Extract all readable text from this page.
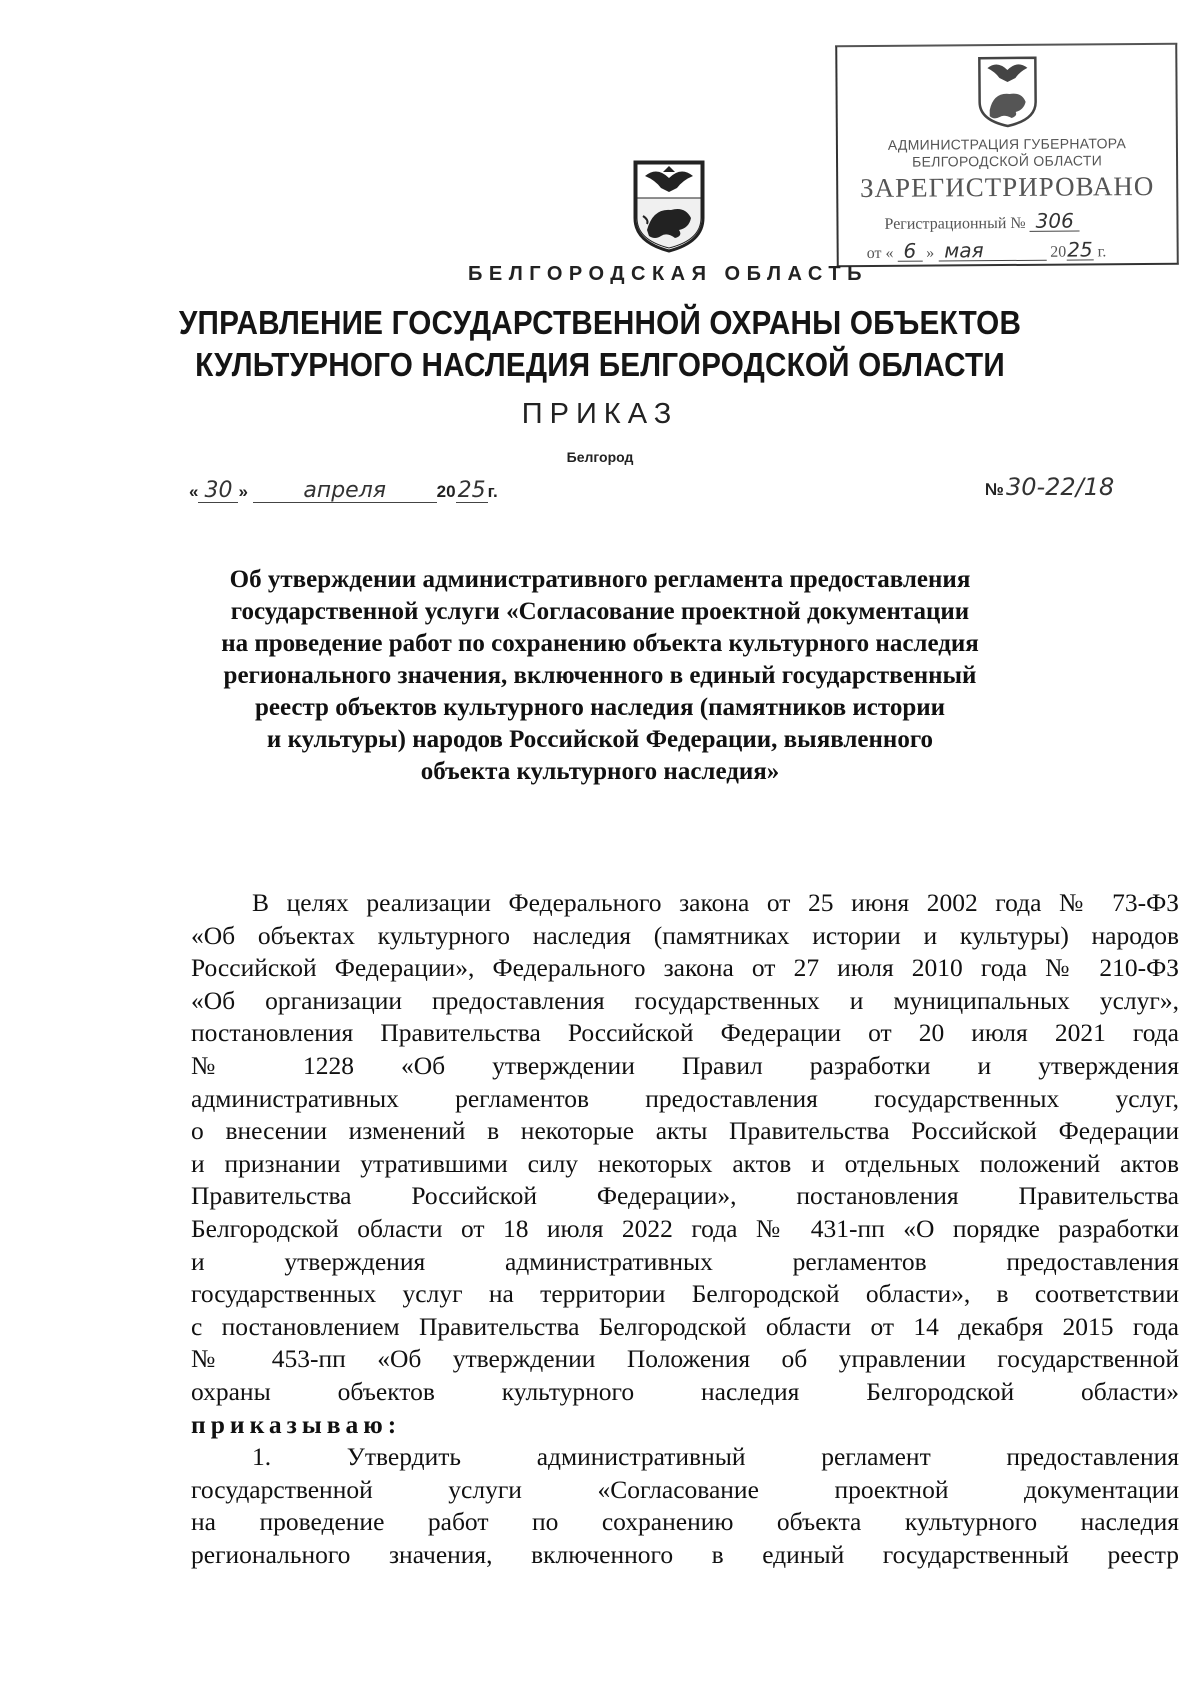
АДМИНИСТРАЦИЯ ГУБЕРНАТОРА
БЕЛГОРОДСКОЙ ОБЛАСТИ
ЗАРЕГИСТРИРОВАНО
Регистрационный № 306
от « 6 » мая	2025 г.
БЕЛГОРОДСКАЯ ОБЛАСТЬ
УПРАВЛЕНИЕ ГОСУДАРСТВЕННОЙ ОХРАНЫ ОБЪЕКТОВ
КУЛЬТУРНОГО НАСЛЕДИЯ БЕЛГОРОДСКОЙ ОБЛАСТИ
ПРИКАЗ
Белгород
« 30 »	апреля	2025 г.	№30-22/18
Об утверждении административного регламента предоставления
государственной услуги «Согласование проектной документации
на проведение работ по сохранению объекта культурного наследия
регионального значения, включенного в единый государственный
реестр объектов культурного наследия (памятников истории
и культуры) народов Российской Федерации, выявленного
объекта культурного наследия»
В целях реализации Федерального закона от 25 июня 2002 года № 73-ФЗ
«Об объектах культурного наследия (памятниках истории и культуры) народов
Российской Федерации», Федерального закона от 27 июля 2010 года № 210-ФЗ
«Об организации предоставления государственных и муниципальных услуг»,
постановления Правительства Российской Федерации от 20 июля 2021 года
№ 1228 «Об утверждении Правил разработки и утверждения
административных регламентов предоставления государственных услуг,
о внесении изменений в некоторые акты Правительства Российской Федерации
и признании утратившими силу некоторых актов и отдельных положений актов
Правительства Российской Федерации», постановления Правительства
Белгородской области от 18 июля 2022 года № 431-пп «О порядке разработки
и утверждения административных регламентов предоставления
государственных услуг на территории Белгородской области», в соответствии
с постановлением Правительства Белгородской области от 14 декабря 2015 года
№ 453-пп «Об утверждении Положения об управлении государственной
охраны объектов культурного наследия Белгородской области»
приказываю:
1. Утвердить административный регламент предоставления
государственной услуги «Согласование проектной документации
на проведение работ по сохранению объекта культурного наследия
регионального значения, включенного в единый государственный реестр
